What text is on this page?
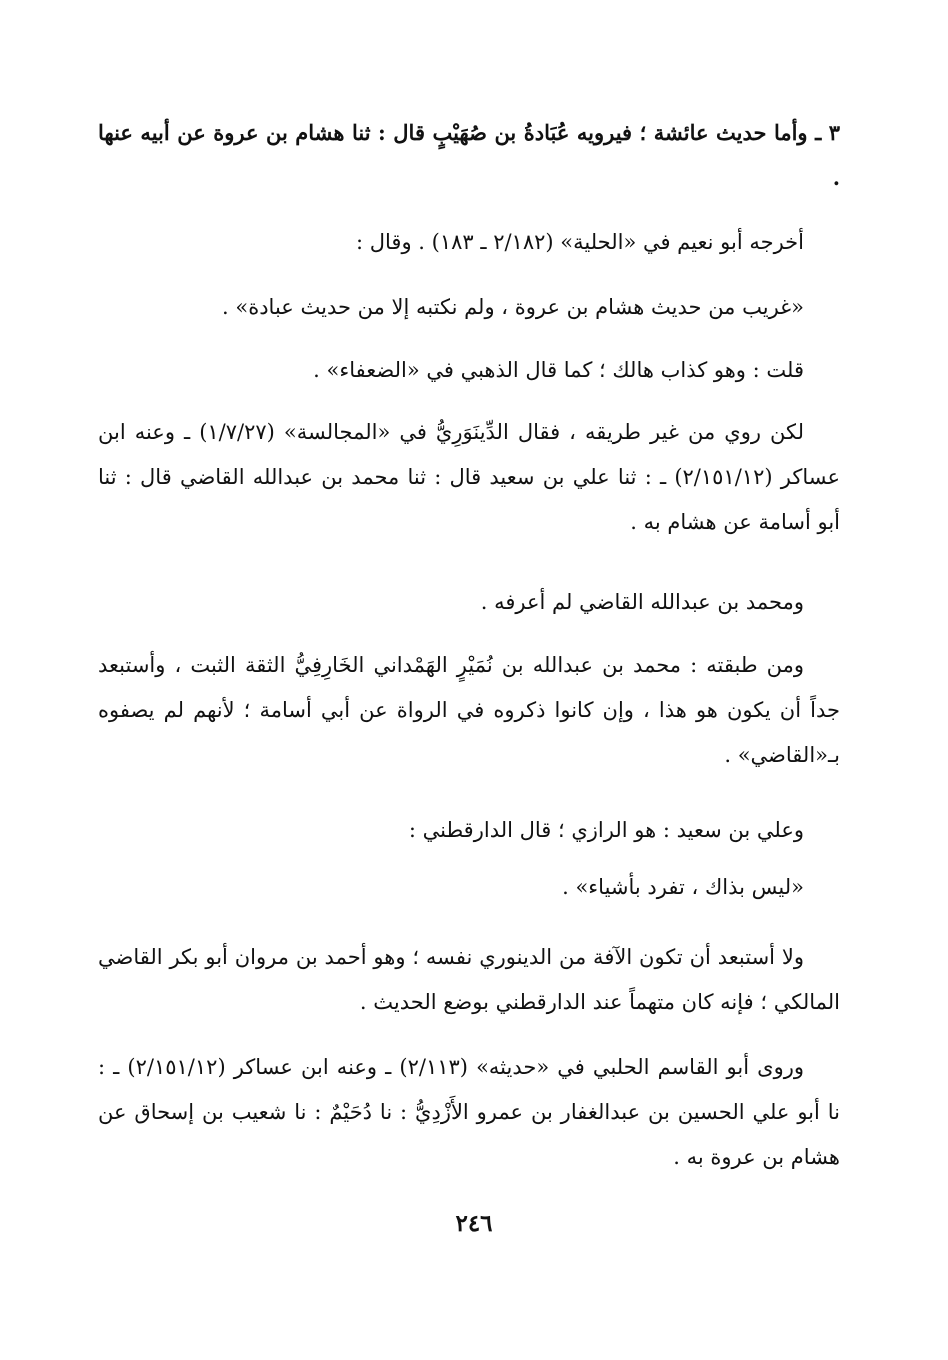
٣ ـ وأما حديث عائشة ؛ فيرويه عُبَادةُ بن صُهَيْبٍ قال : ثنا هشام بن عروة عن أبيه عنها .
أخرجه أبو نعيم في «الحلية» (٢/١٨٢ ـ ١٨٣) . وقال :
«غريب من حديث هشام بن عروة ، ولم نكتبه إلا من حديث عبادة» .
قلت : وهو كذاب هالك ؛ كما قال الذهبي في «الضعفاء» .
لكن روي من غير طريقه ، فقال الدِّينَوَرِيُّ في «المجالسة» (١/٧/٢٧) ـ وعنه ابن عساكر (٢/١٥١/١٢) ـ : ثنا علي بن سعيد قال : ثنا محمد بن عبدالله القاضي قال : ثنا أبو أسامة عن هشام به .
ومحمد بن عبدالله القاضي لم أعرفه .
ومن طبقته : محمد بن عبدالله بن نُمَيْرٍ الهَمْداني الخَارِفِيُّ الثقة الثبت ، وأستبعد جداً أن يكون هو هذا ، وإن كانوا ذكروه في الرواة عن أبي أسامة ؛ لأنهم لم يصفوه بـ«القاضي» .
وعلي بن سعيد : هو الرازي ؛ قال الدارقطني :
«ليس بذاك ، تفرد بأشياء» .
ولا أستبعد أن تكون الآفة من الدينوري نفسه ؛ وهو أحمد بن مروان أبو بكر القاضي المالكي ؛ فإنه كان متهماً عند الدارقطني بوضع الحديث .
وروى أبو القاسم الحلبي في «حديثه» (٢/١١٣) ـ وعنه ابن عساكر (٢/١٥١/١٢) ـ : نا أبو علي الحسين بن عبدالغفار بن عمرو الأَزْدِيُّ : نا دُحَيْمٌ : نا شعيب بن إسحاق عن هشام بن عروة به .
٢٤٦
